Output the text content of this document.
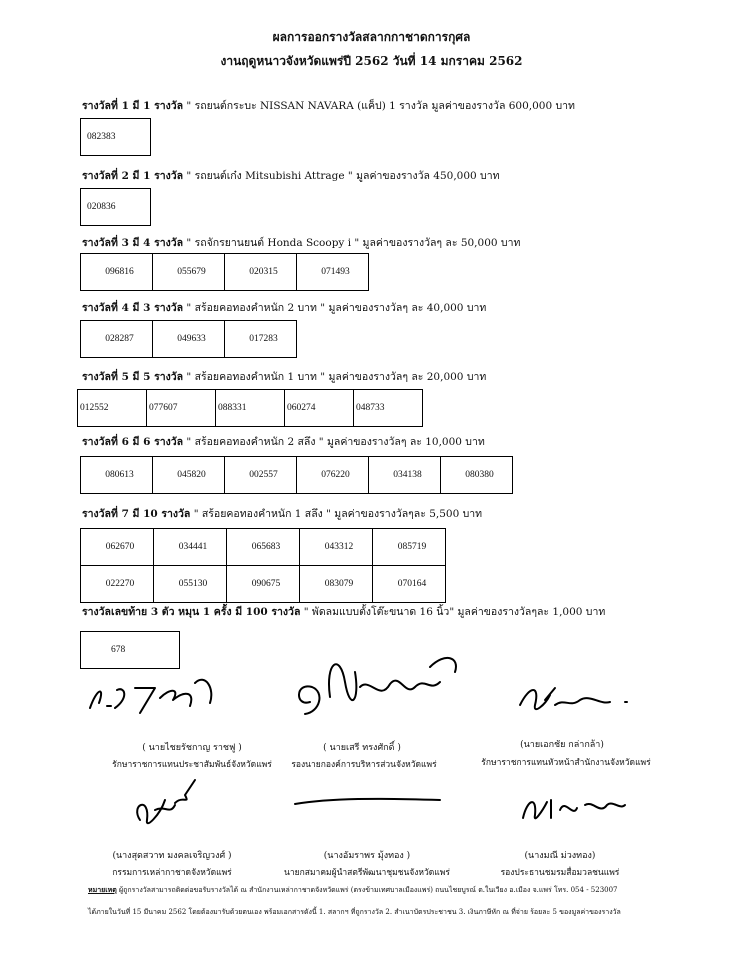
ผลการออกรางวัลสลากกาชาดการกุศล
งานฤดูหนาวจังหวัดแพร่ปี 2562 วันที่ 14 มกราคม 2562
รางวัลที่ 1 มี 1 รางวัล " รถยนต์กระบะ NISSAN NAVARA (แค็ป) 1 รางวัล มูลค่าของรางวัล 600,000 บาท
082383
รางวัลที่ 2 มี 1 รางวัล " รถยนต์เก๋ง Mitsubishi Attrage " มูลค่าของรางวัล 450,000 บาท
020836
รางวัลที่ 3 มี 4 รางวัล " รถจักรยานยนต์ Honda Scoopy i " มูลค่าของรางวัลๆ ละ 50,000 บาท
096816	055679	020315	071493
รางวัลที่ 4 มี 3 รางวัล " สร้อยคอทองคำหนัก 2 บาท " มูลค่าของรางวัลๆ ละ 40,000 บาท
028287	049633	017283
รางวัลที่ 5 มี 5 รางวัล " สร้อยคอทองคำหนัก 1 บาท " มูลค่าของรางวัลๆ ละ 20,000 บาท
012552	077607	088331	060274	048733
รางวัลที่ 6 มี 6 รางวัล " สร้อยคอทองคำหนัก 2 สลึง " มูลค่าของรางวัลๆ ละ 10,000 บาท
080613	045820	002557	076220	034138	080380
รางวัลที่ 7 มี 10 รางวัล " สร้อยคอทองคำหนัก 1 สลึง " มูลค่าของรางวัลๆละ 5,500 บาท
062670	034441	065683	043312	085719
022270	055130	090675	083079	070164
รางวัลเลขท้าย 3 ตัว หมุน 1 ครั้ง มี 100 รางวัล " พัดลมแบบตั้งโต๊ะขนาด 16 นิ้ว" มูลค่าของรางวัลๆละ 1,000 บาท
678
( นายไชยรัชกาญ ราชฟู )
รักษาราชการแทนประชาสัมพันธ์จังหวัดแพร่
( นายเสรี ทรงศักดิ์ )
รองนายกองค์การบริหารส่วนจังหวัดแพร่
(นายเอกชัย กล่ากล้า)
รักษาราชการแทนหัวหน้าสำนักงานจังหวัดแพร่
(นางสุดสวาท มงคลเจริญวงศ์ )
กรรมการเหล่ากาชาดจังหวัดแพร่
(นางอัมราพร มุ้งทอง )
นายกสมาคมผู้นำสตรีพัฒนาชุมชนจังหวัดแพร่
(นางมณี ม่วงทอง)
รองประธานชมรมสื่อมวลชนแพร่
หมายเหตุ ผู้ถูกรางวัลสามารถติดต่อขอรับรางวัลได้ ณ สำนักงานเหล่ากาชาดจังหวัดแพร่ (ตรงข้ามเทศบาลเมืองแพร่) ถนนไชยบูรณ์ ต.ในเวียง อ.เมือง จ.แพร่ โทร. 054 - 523007
ได้ภายในวันที่ 15 มีนาคม 2562 โดยต้องมารับด้วยตนเอง พร้อมเอกสารดังนี้ 1. สลากฯ ที่ถูกรางวัล 2. สำเนาบัตรประชาชน 3. เงินภาษีหัก ณ ที่จ่าย ร้อยละ 5 ของมูลค่าของรางวัล
